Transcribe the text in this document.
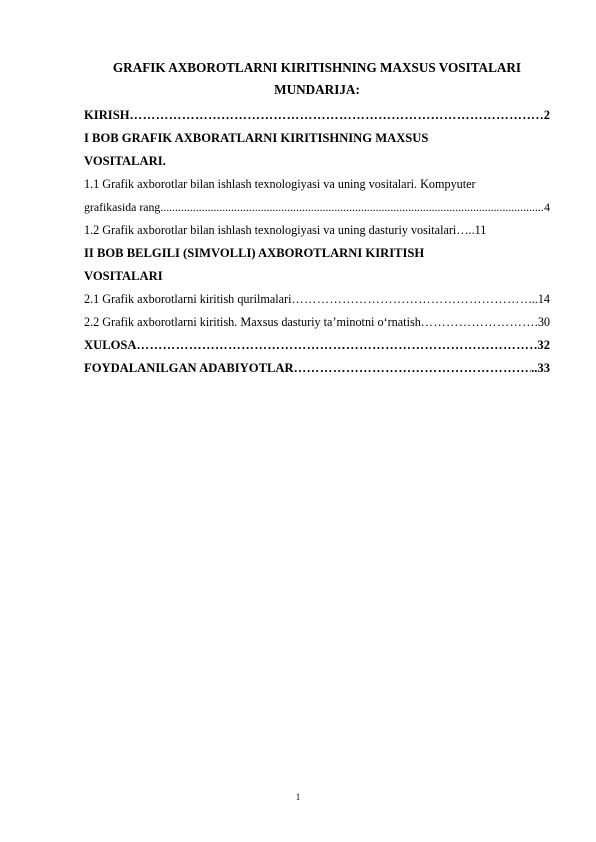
GRAFIK AXBOROTLARNI KIRITISHNING MAXSUS VOSITALARI
MUNDARIJA:
KIRISH ……………………………………………………………………………………………………………………………………………………………………………………	2
I BOB GRAFIK AXBORATLARNI KIRITISHNING MAXSUS
VOSITALARI.
1.1 Grafik axborotlar bilan ishlash texnologiyasi va uning vositalari. Kompyuter
grafikasida rang .....	4
1.2 Grafik axborotlar bilan ishlash texnologiyasi va uning dasturiy vositalari… ..11
II BOB BELGILI (SIMVOLLI) AXBOROTLARNI KIRITISH
VOSITALARI
2.1 Grafik axborotlarni kiritish qurilmalari ……………………………………………………………………………………………………………………………………………………………………………………	...14
2.2 Grafik axborotlarni kiritish. Maxsus dasturiy ta’minotni o‘rnatish ……………………………………………………………………………………………………………………………………………………………………………………	.30
XULOSA ……………………………………………………………………………………………………………………………………………………………………………………	32
FOYDALANILGAN ADABIYOTLAR ……………………………………………………………………………………………………………………………………………………………………………………	..33
1
